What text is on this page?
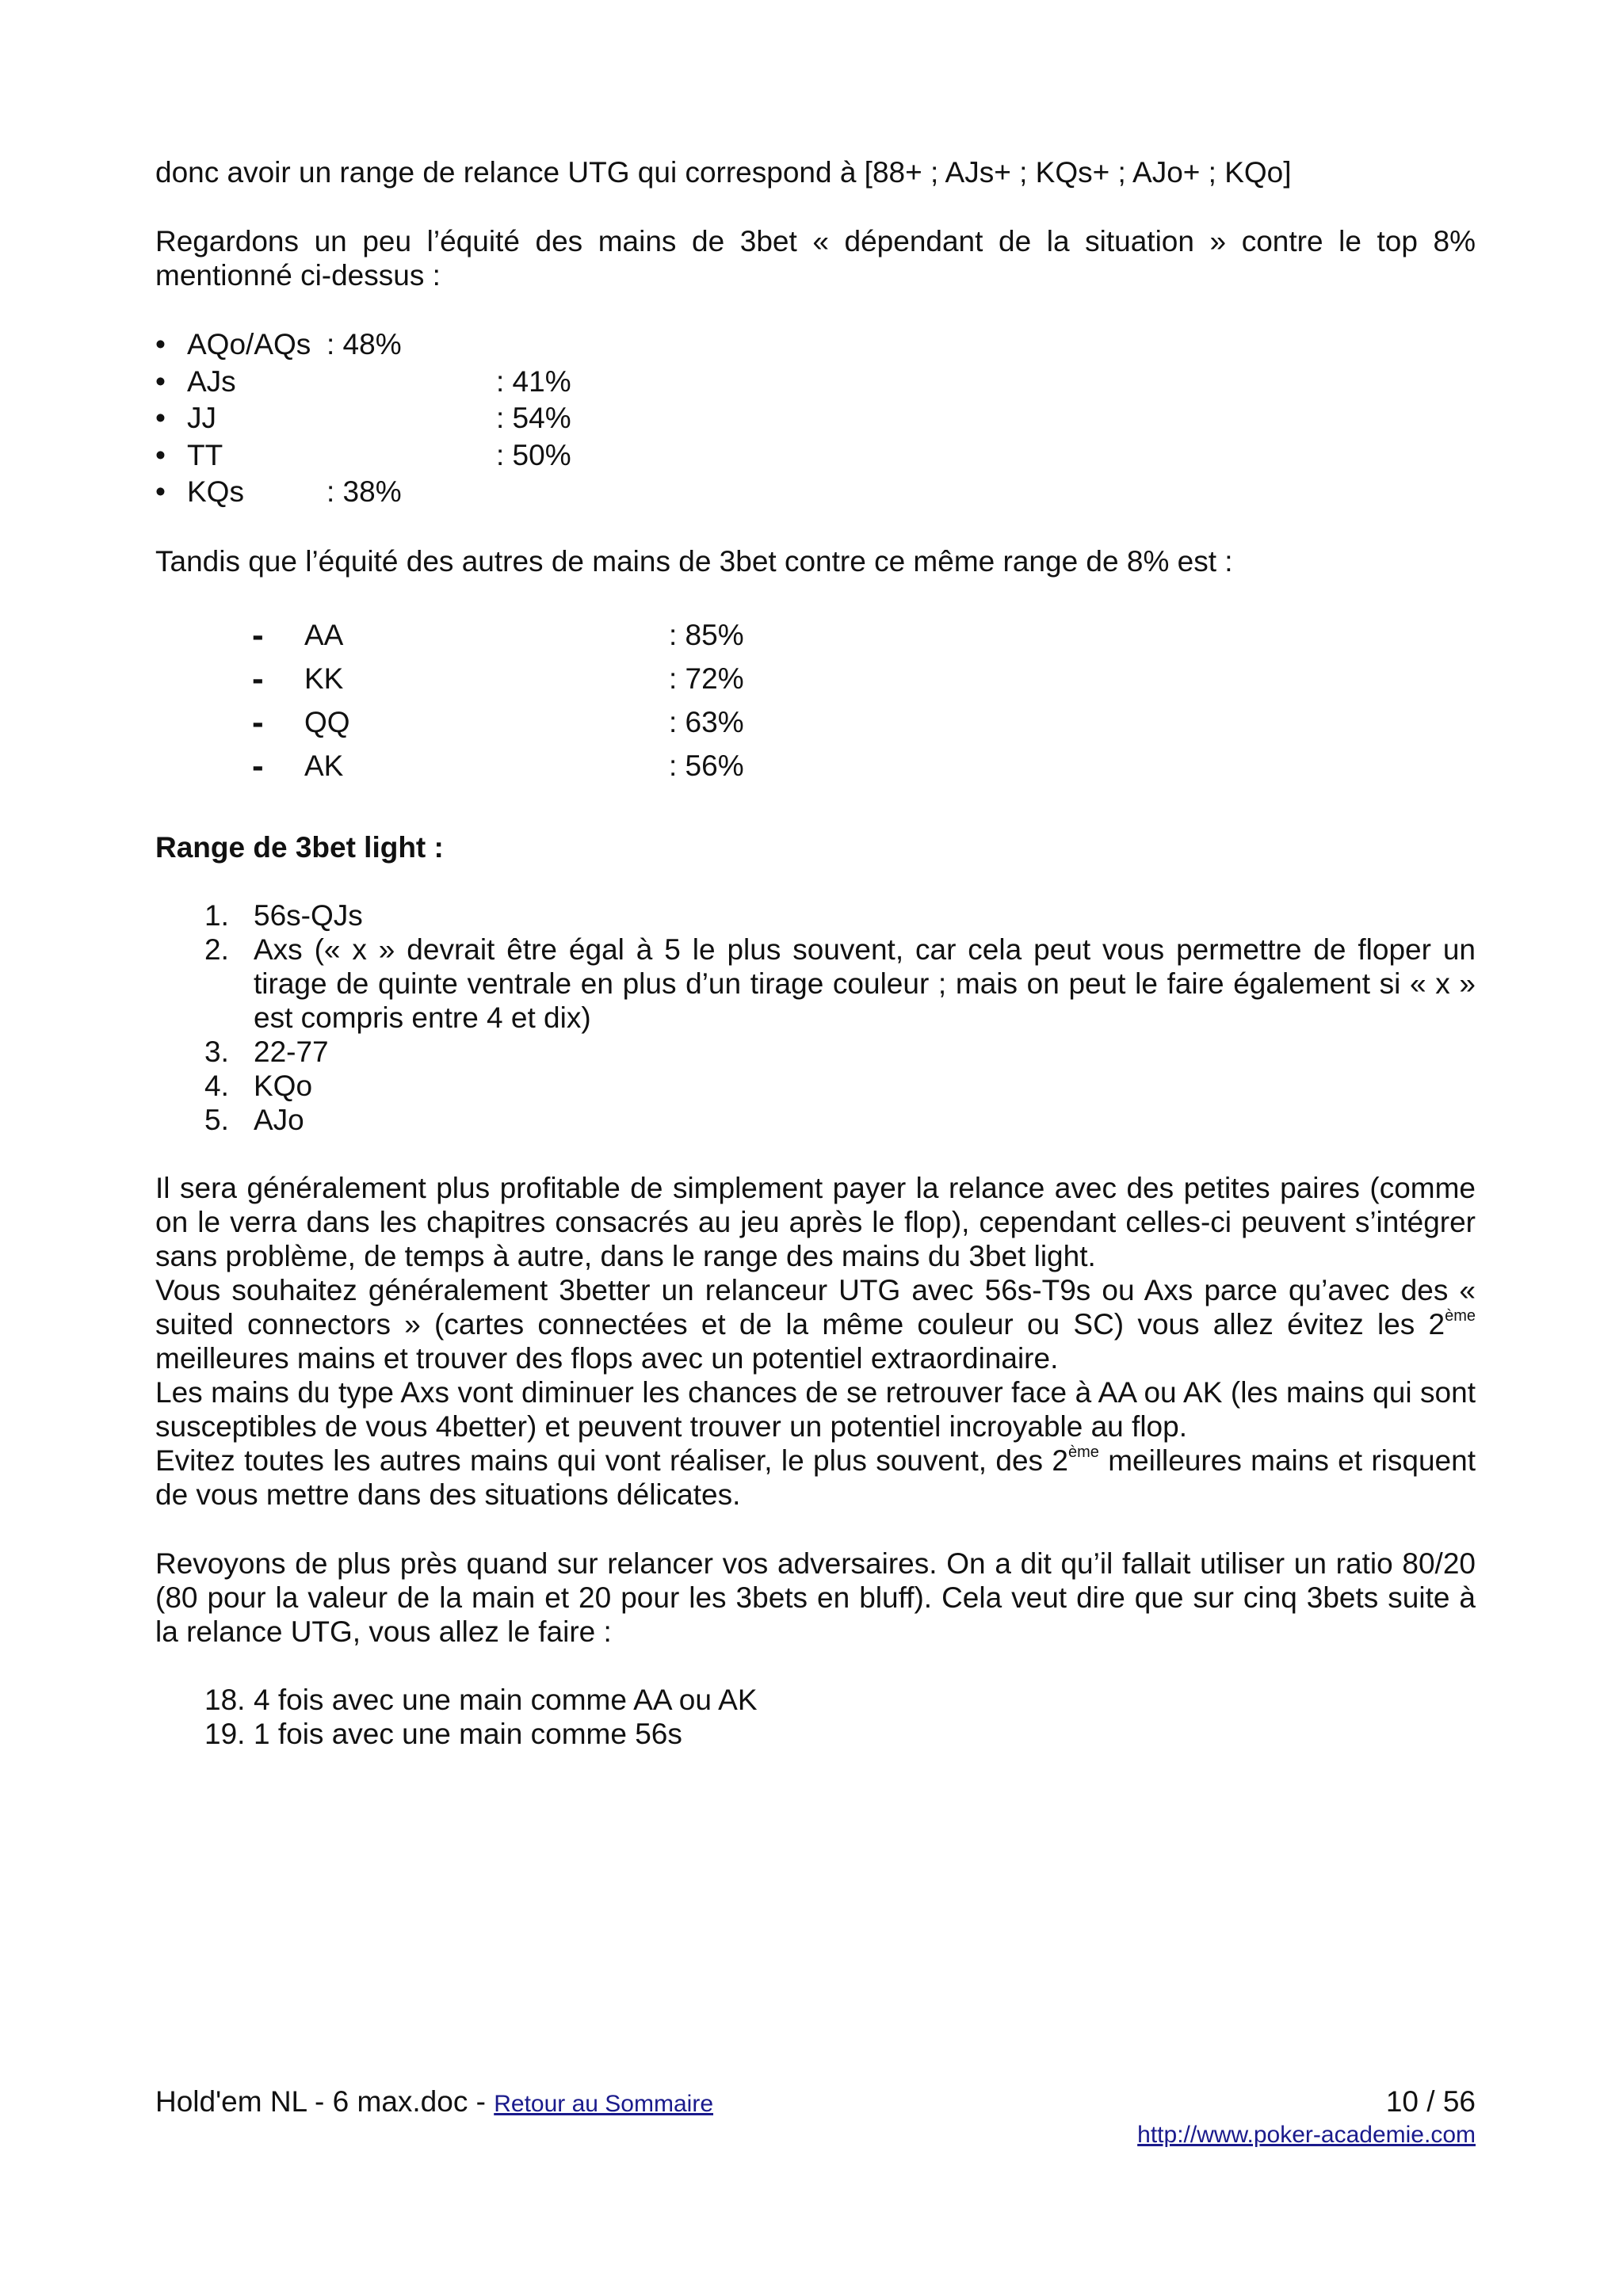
donc avoir un range de relance UTG qui correspond à [88+ ; AJs+ ; KQs+ ; AJo+ ; KQo]

Regardons un peu l’équité des mains de 3bet « dépendant de la situation » contre le top 8% mentionné ci-dessus :

• AQo/AQs : 48%
• AJs	: 41%
• JJ	: 54%
• TT	: 50%
• KQs	: 38%

Tandis que l’équité des autres de mains de 3bet contre ce même range de 8% est :

- AA	: 85%
- KK	: 72%
- QQ	: 63%
- AK	: 56%
Range de 3bet light :
1. 56s-QJs
2. Axs (« x » devrait être égal à 5 le plus souvent, car cela peut vous permettre de floper un tirage de quinte ventrale en plus d’un tirage couleur ; mais on peut le faire également si « x » est compris entre 4 et dix)
3. 22-77
4. KQo
5. AJo

Il sera généralement plus profitable de simplement payer la relance avec des petites paires (comme on le verra dans les chapitres consacrés au jeu après le flop), cependant celles-ci peuvent s’intégrer sans problème, de temps à autre, dans le range des mains du 3bet light.

Vous souhaitez généralement 3better un relanceur UTG avec 56s-T9s ou Axs parce qu’avec des « suited connectors » (cartes connectées et de la même couleur ou SC) vous allez évitez les 2ème meilleures mains et trouver des flops avec un potentiel extraordinaire.

Les mains du type Axs vont diminuer les chances de se retrouver face à AA ou AK (les mains qui sont susceptibles de vous 4better) et peuvent trouver un potentiel incroyable au flop.

Evitez toutes les autres mains qui vont réaliser, le plus souvent, des 2ème meilleures mains et risquent de vous mettre dans des situations délicates.

Revoyons de plus près quand sur relancer vos adversaires. On a dit qu’il fallait utiliser un ratio 80/20 (80 pour la valeur de la main et 20 pour les 3bets en bluff). Cela veut dire que sur cinq 3bets suite à la relance UTG, vous allez le faire :

18. 4 fois avec une main comme AA ou AK
19. 1 fois avec une main comme 56s
Hold'em NL - 6 max.doc - Retour au Sommaire	10 / 56
http://www.poker-academie.com
